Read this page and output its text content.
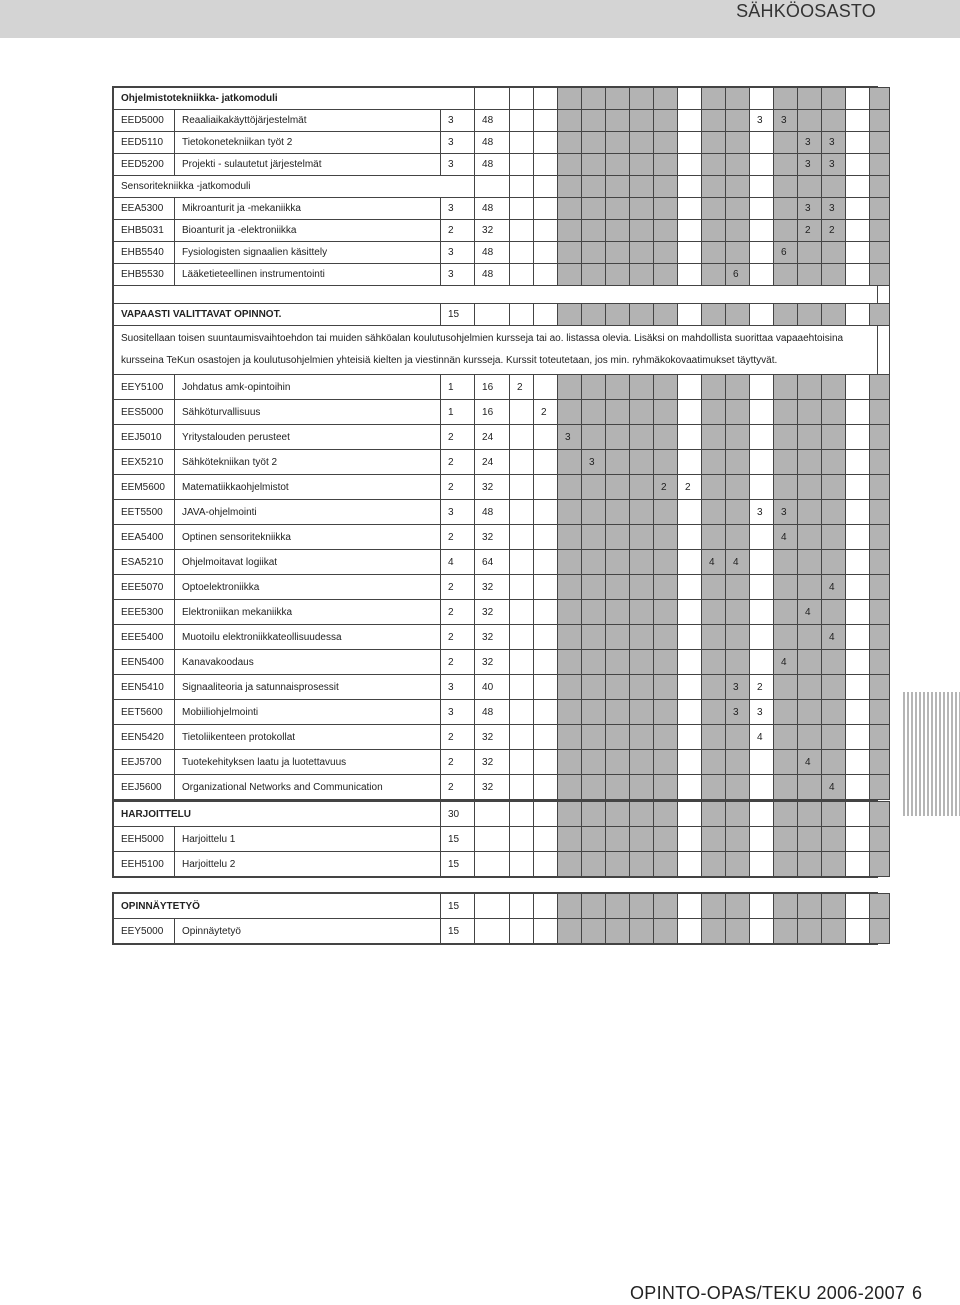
SÄHKÖOSASTO
Ohjelmistotekniikka- jatkomoduli																			
EED5000	Reaaliaikakäyttöjärjestelmät	3	48											3	3				
EED5110	Tietokonetekniikan työt 2	3	48													3	3		
EED5200	Projekti - sulautetut järjestelmät	3	48													3	3		
Sensoritekniikka -jatkomoduli																			
EEA5300	Mikroanturit ja -mekaniikka	3	48													3	3		
EHB5031	Bioanturit ja -elektroniikka	2	32													2	2		
EHB5540	Fysiologisten signaalien käsittely	3	48												6				
EHB5530	Lääketieteellinen instrumentointi	3	48										6						

VAPAASTI VALITTAVAT OPINNOT.		15																	

Suositellaan toisen suuntaumisvaihtoehdon tai muiden sähköalan koulutusohjelmien kursseja tai ao. listassa olevia. Lisäksi on mahdollista suorittaa vapaaehtoisina
kursseina TeKun osastojen ja koulutusohjelmien yhteisiä kielten ja viestinnän kursseja. Kurssit toteutetaan, jos min. ryhmäkokovaatimukset täyttyvät.																			

EEY5100	Johdatus amk-opintoihin	1	16	2															
EES5000	Sähköturvallisuus	1	16		2														
EEJ5010	Yritystalouden perusteet	2	24			3													
EEX5210	Sähkötekniikan työt 2	2	24				3												
EEM5600	Matematiikkaohjelmistot	2	32							2	2								
EET5500	JAVA-ohjelmointi	3	48											3	3				
EEA5400	Optinen sensoritekniikka	2	32												4				
ESA5210	Ohjelmoitavat logiikat	4	64									4	4						
EEE5070	Optoelektroniikka	2	32														4		
EEE5300	Elektroniikan mekaniikka	2	32													4			
EEE5400	Muotoilu elektroniikkateollisuudessa	2	32														4		
EEN5400	Kanavakoodaus	2	32												4				
EEN5410	Signaaliteoria ja satunnaisprosessit	3	40										3	2					
EET5600	Mobiiliohjelmointi	3	48										3	3					
EEN5420	Tietoliikenteen protokollat	2	32											4					
EEJ5700	Tuotekehityksen laatu ja luotettavuus	2	32													4			
EEJ5600	Organizational Networks and Communication	2	32														4		
HARJOITTELU		30																	
EEH5000	Harjoittelu 1	15																	
EEH5100	Harjoittelu 2	15																	
OPINNÄYTETYÖ		15																	
EEY5000	Opinnäytetyö	15																	
OPINTO-OPAS/TEKU 2006-2007 6
